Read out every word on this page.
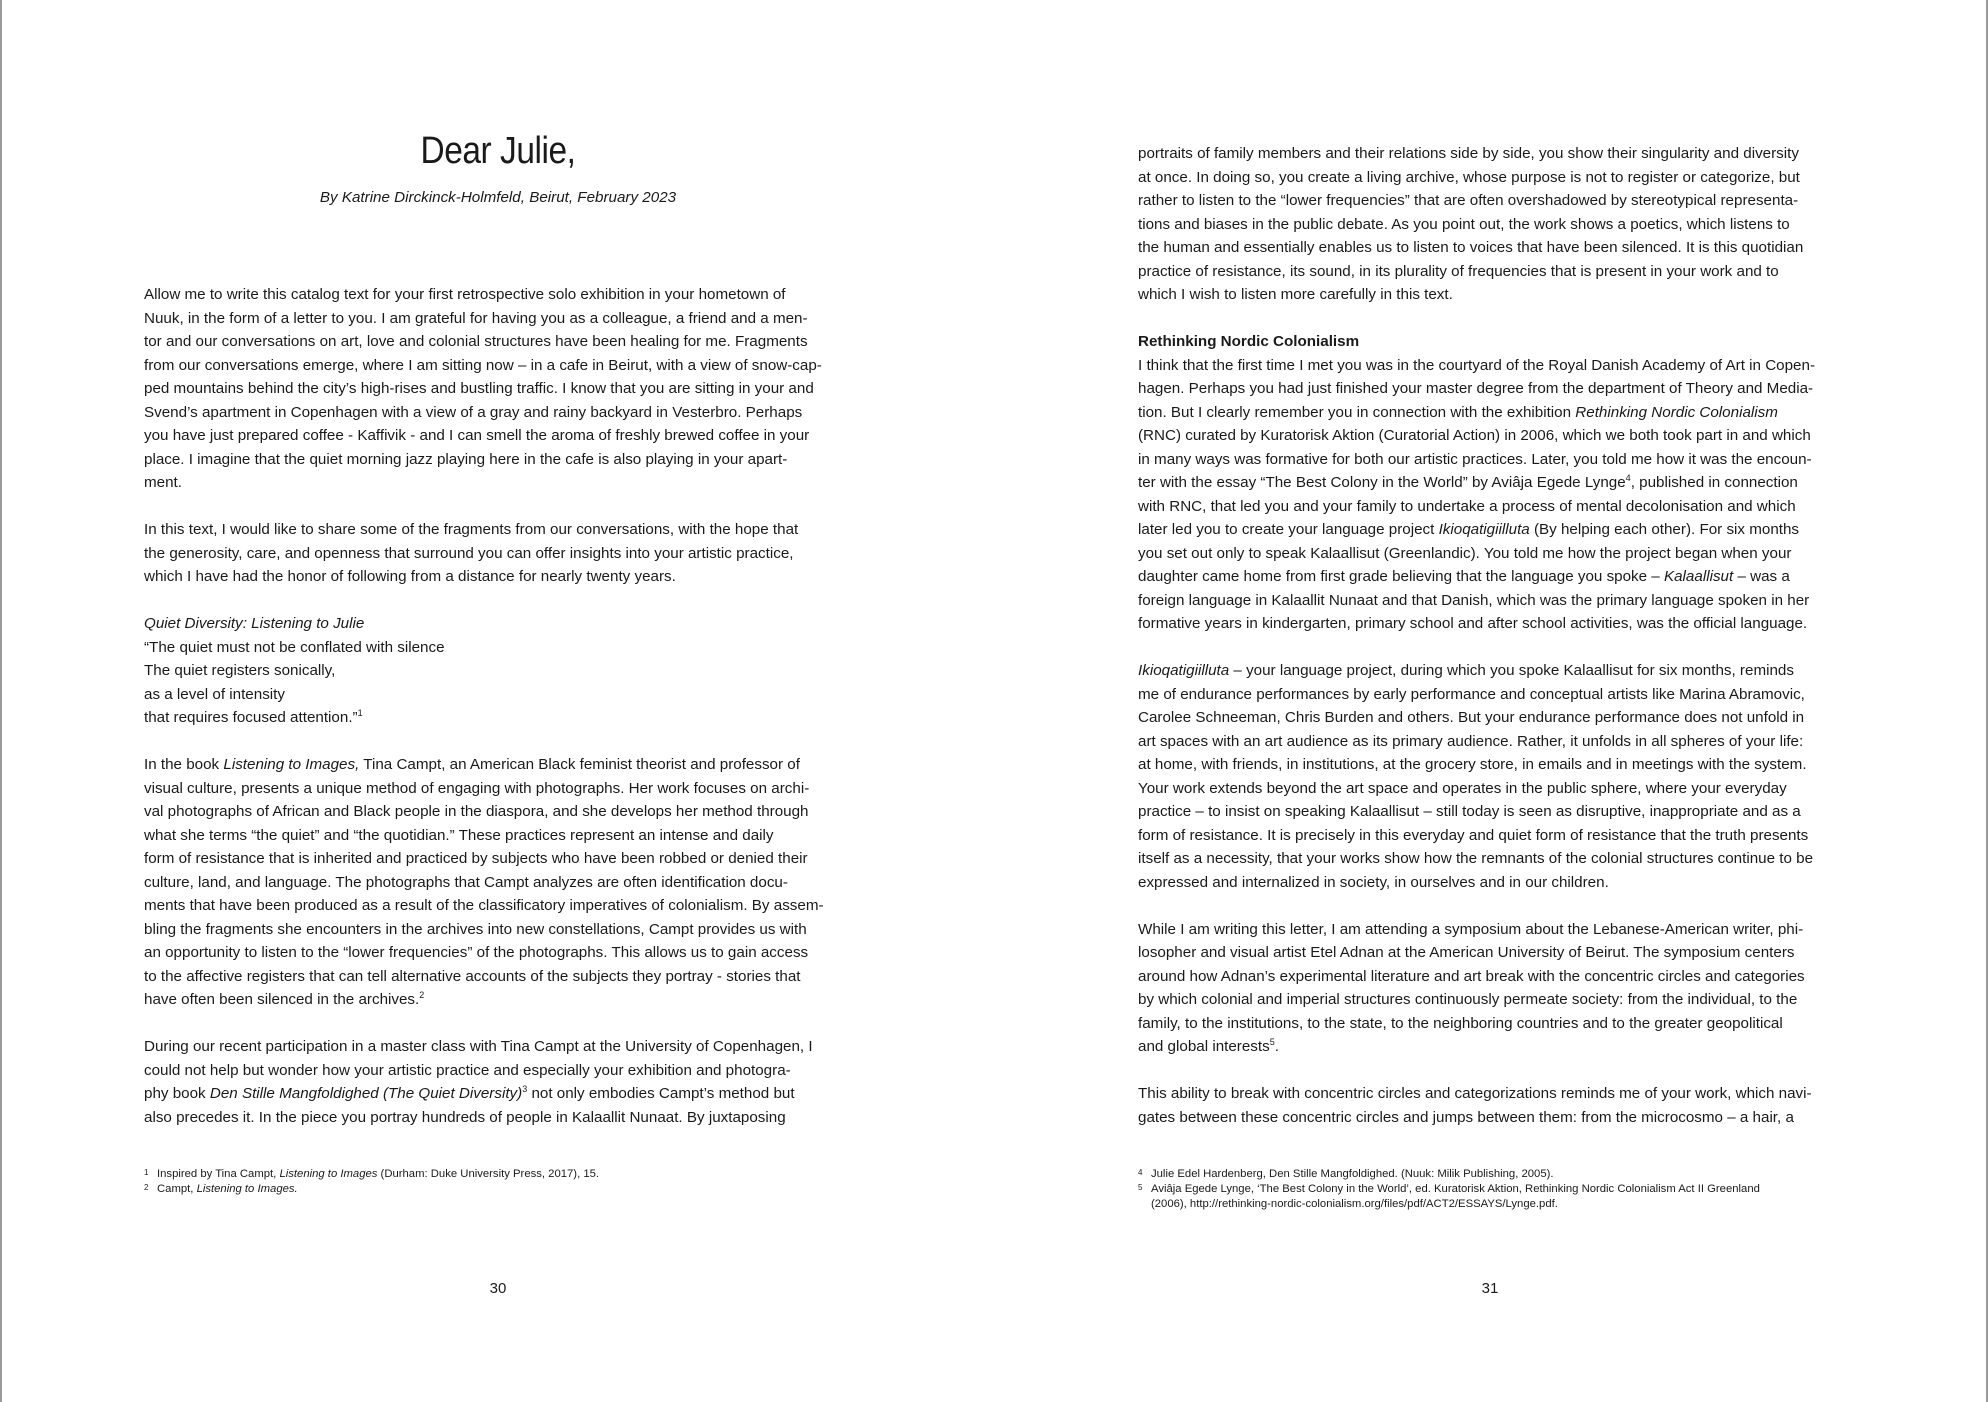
Dear Julie,
By Katrine Dirckinck-Holmfeld, Beirut, February 2023

Allow me to write this catalog text for your first retrospective solo exhibition in your hometown of
Nuuk, in the form of a letter to you. I am grateful for having you as a colleague, a friend and a men-
tor and our conversations on art, love and colonial structures have been healing for me. Fragments
from our conversations emerge, where I am sitting now – in a cafe in Beirut, with a view of snow-cap-
ped mountains behind the city’s high-rises and bustling traffic. I know that you are sitting in your and
Svend’s apartment in Copenhagen with a view of a gray and rainy backyard in Vesterbro. Perhaps
you have just prepared coffee - Kaffivik - and I can smell the aroma of freshly brewed coffee in your
place. I imagine that the quiet morning jazz playing here in the cafe is also playing in your apart-
ment.

In this text, I would like to share some of the fragments from our conversations, with the hope that
the generosity, care, and openness that surround you can offer insights into your artistic practice,
which I have had the honor of following from a distance for nearly twenty years.

Quiet Diversity: Listening to Julie
“The quiet must not be conflated with silence
The quiet registers sonically,
as a level of intensity
that requires focused attention.”$^1$

In the book Listening to Images, Tina Campt, an American Black feminist theorist and professor of
visual culture, presents a unique method of engaging with photographs. Her work focuses on archi-
val photographs of African and Black people in the diaspora, and she develops her method through
what she terms “the quiet” and “the quotidian.” These practices represent an intense and daily
form of resistance that is inherited and practiced by subjects who have been robbed or denied their
culture, land, and language. The photographs that Campt analyzes are often identification docu-
ments that have been produced as a result of the classificatory imperatives of colonialism. By assem-
bling the fragments she encounters in the archives into new constellations, Campt provides us with
an opportunity to listen to the “lower frequencies” of the photographs. This allows us to gain access
to the affective registers that can tell alternative accounts of the subjects they portray - stories that
have often been silenced in the archives.$^2$

During our recent participation in a master class with Tina Campt at the University of Copenhagen, I
could not help but wonder how your artistic practice and especially your exhibition and photogra-
phy book Den Stille Mangfoldighed (The Quiet Diversity)$^3$ not only embodies Campt’s method but
also precedes it. In the piece you portray hundreds of people in Kalaallit Nunaat. By juxtaposing

1 Inspired by Tina Campt, Listening to Images (Durham: Duke University Press, 2017), 15.
2 Campt, Listening to Images.
30

portraits of family members and their relations side by side, you show their singularity and diversity
at once. In doing so, you create a living archive, whose purpose is not to register or categorize, but
rather to listen to the “lower frequencies” that are often overshadowed by stereotypical representa-
tions and biases in the public debate. As you point out, the work shows a poetics, which listens to
the human and essentially enables us to listen to voices that have been silenced. It is this quotidian
practice of resistance, its sound, in its plurality of frequencies that is present in your work and to
which I wish to listen more carefully in this text.

Rethinking Nordic Colonialism
I think that the first time I met you was in the courtyard of the Royal Danish Academy of Art in Copen-
hagen. Perhaps you had just finished your master degree from the department of Theory and Media-
tion. But I clearly remember you in connection with the exhibition Rethinking Nordic Colonialism
(RNC) curated by Kuratorisk Aktion (Curatorial Action) in 2006, which we both took part in and which
in many ways was formative for both our artistic practices. Later, you told me how it was the encoun-
ter with the essay “The Best Colony in the World” by Aviâja Egede Lynge$^4$, published in connection
with RNC, that led you and your family to undertake a process of mental decolonisation and which
later led you to create your language project Ikioqatigiilluta (By helping each other). For six months
you set out only to speak Kalaallisut (Greenlandic). You told me how the project began when your
daughter came home from first grade believing that the language you spoke – Kalaallisut – was a
foreign language in Kalaallit Nunaat and that Danish, which was the primary language spoken in her
formative years in kindergarten, primary school and after school activities, was the official language.

Ikioqatigiilluta – your language project, during which you spoke Kalaallisut for six months, reminds
me of endurance performances by early performance and conceptual artists like Marina Abramovic,
Carolee Schneeman, Chris Burden and others. But your endurance performance does not unfold in
art spaces with an art audience as its primary audience. Rather, it unfolds in all spheres of your life:
at home, with friends, in institutions, at the grocery store, in emails and in meetings with the system.
Your work extends beyond the art space and operates in the public sphere, where your everyday
practice – to insist on speaking Kalaallisut – still today is seen as disruptive, inappropriate and as a
form of resistance. It is precisely in this everyday and quiet form of resistance that the truth presents
itself as a necessity, that your works show how the remnants of the colonial structures continue to be
expressed and internalized in society, in ourselves and in our children.

While I am writing this letter, I am attending a symposium about the Lebanese-American writer, phi-
losopher and visual artist Etel Adnan at the American University of Beirut. The symposium centers
around how Adnan’s experimental literature and art break with the concentric circles and categories
by which colonial and imperial structures continuously permeate society: from the individual, to the
family, to the institutions, to the state, to the neighboring countries and to the greater geopolitical
and global interests$^5$.

This ability to break with concentric circles and categorizations reminds me of your work, which navi-
gates between these concentric circles and jumps between them: from the microcosmo – a hair, a

4 Julie Edel Hardenberg, Den Stille Mangfoldighed. (Nuuk: Milik Publishing, 2005).
5 Aviâja Egede Lynge, ‘The Best Colony in the World’, ed. Kuratorisk Aktion, Rethinking Nordic Colonialism Act II Greenland
(2006), http://rethinking-nordic-colonialism.org/files/pdf/ACT2/ESSAYS/Lynge.pdf.
31
